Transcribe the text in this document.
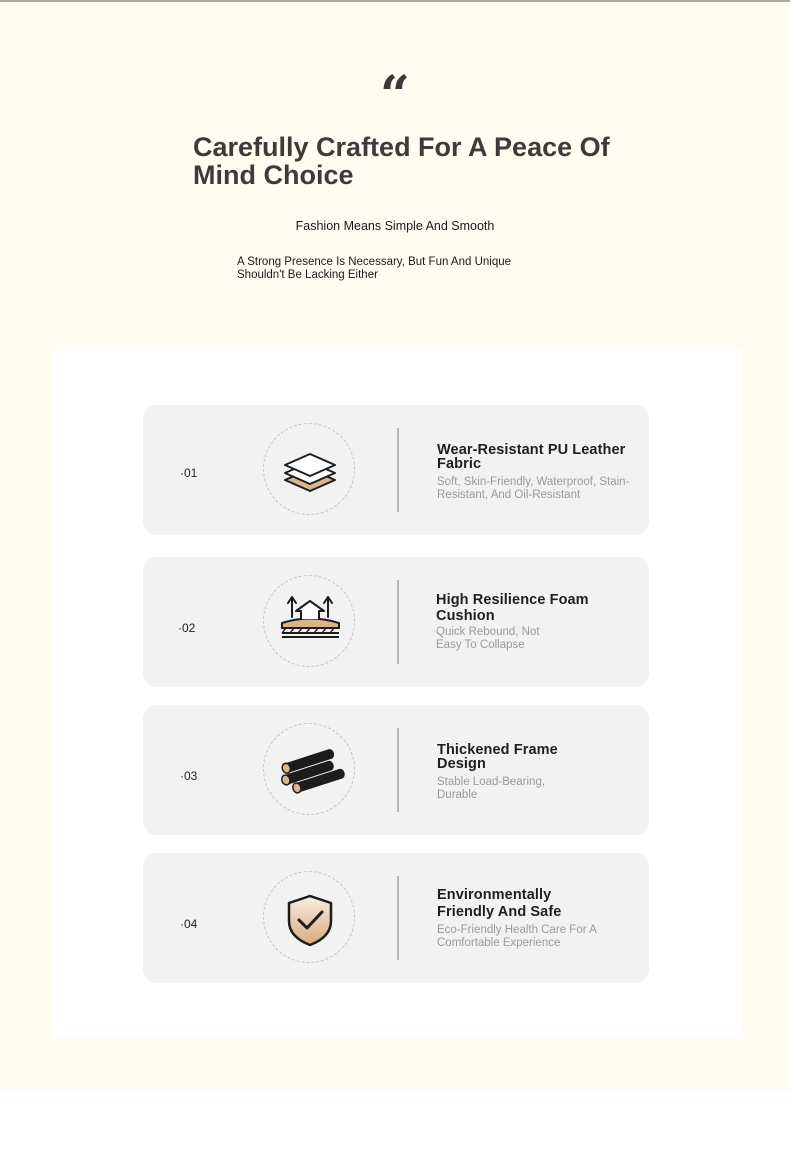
“
Carefully Crafted For A Peace Of Mind Choice
Fashion Means Simple And Smooth
A Strong Presence Is Necessary, But Fun And Unique Shouldn't Be Lacking Either
·01
Wear-Resistant PU Leather Fabric
Soft, Skin-Friendly, Waterproof, Stain-Resistant, And Oil-Resistant
·02
High Resilience Foam Cushion
Quick Rebound, Not Easy To Collapse
·03
Thickened Frame Design
Stable Load-Bearing, Durable
·04
Environmentally Friendly And Safe
Eco-Friendly Health Care For A Comfortable Experience
